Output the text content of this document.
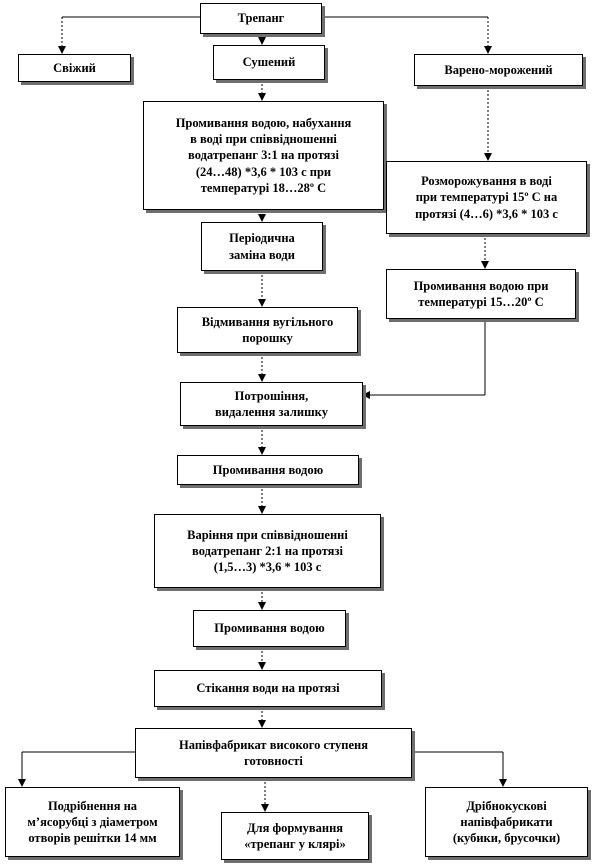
Трепанг
Свіжий	Сушений
Варено-морожений
Промивання водою, набухання
в воді при співвідношенні
водатрепанг 3:1 на протязі
(24…48) *3,6 * 103 с при
температурі 18…28º С
Періодична
заміна води
Розморожування в воді
при температурі 15º С на
протязі (4…6) *3,6 * 103 с
Промивання водою при
температурі 15…20º С
Відмивання вугільного
порошку
Потрошіння,
видалення залишку
Промивання водою
Варіння при співвідношенні
водатрепанг 2:1 на протязі
(1,5…3) *3,6 * 103 с
Промивання водою
Стікання води на протязі
Напівфабрикат високого ступеня
готовності
Подрібнення на
м’ясорубці з діаметром
отворів решітки 14 мм
Для формування
«трепанг у клярі»
Дрібнокускові
напівфабрикати
(кубики, брусочки)
